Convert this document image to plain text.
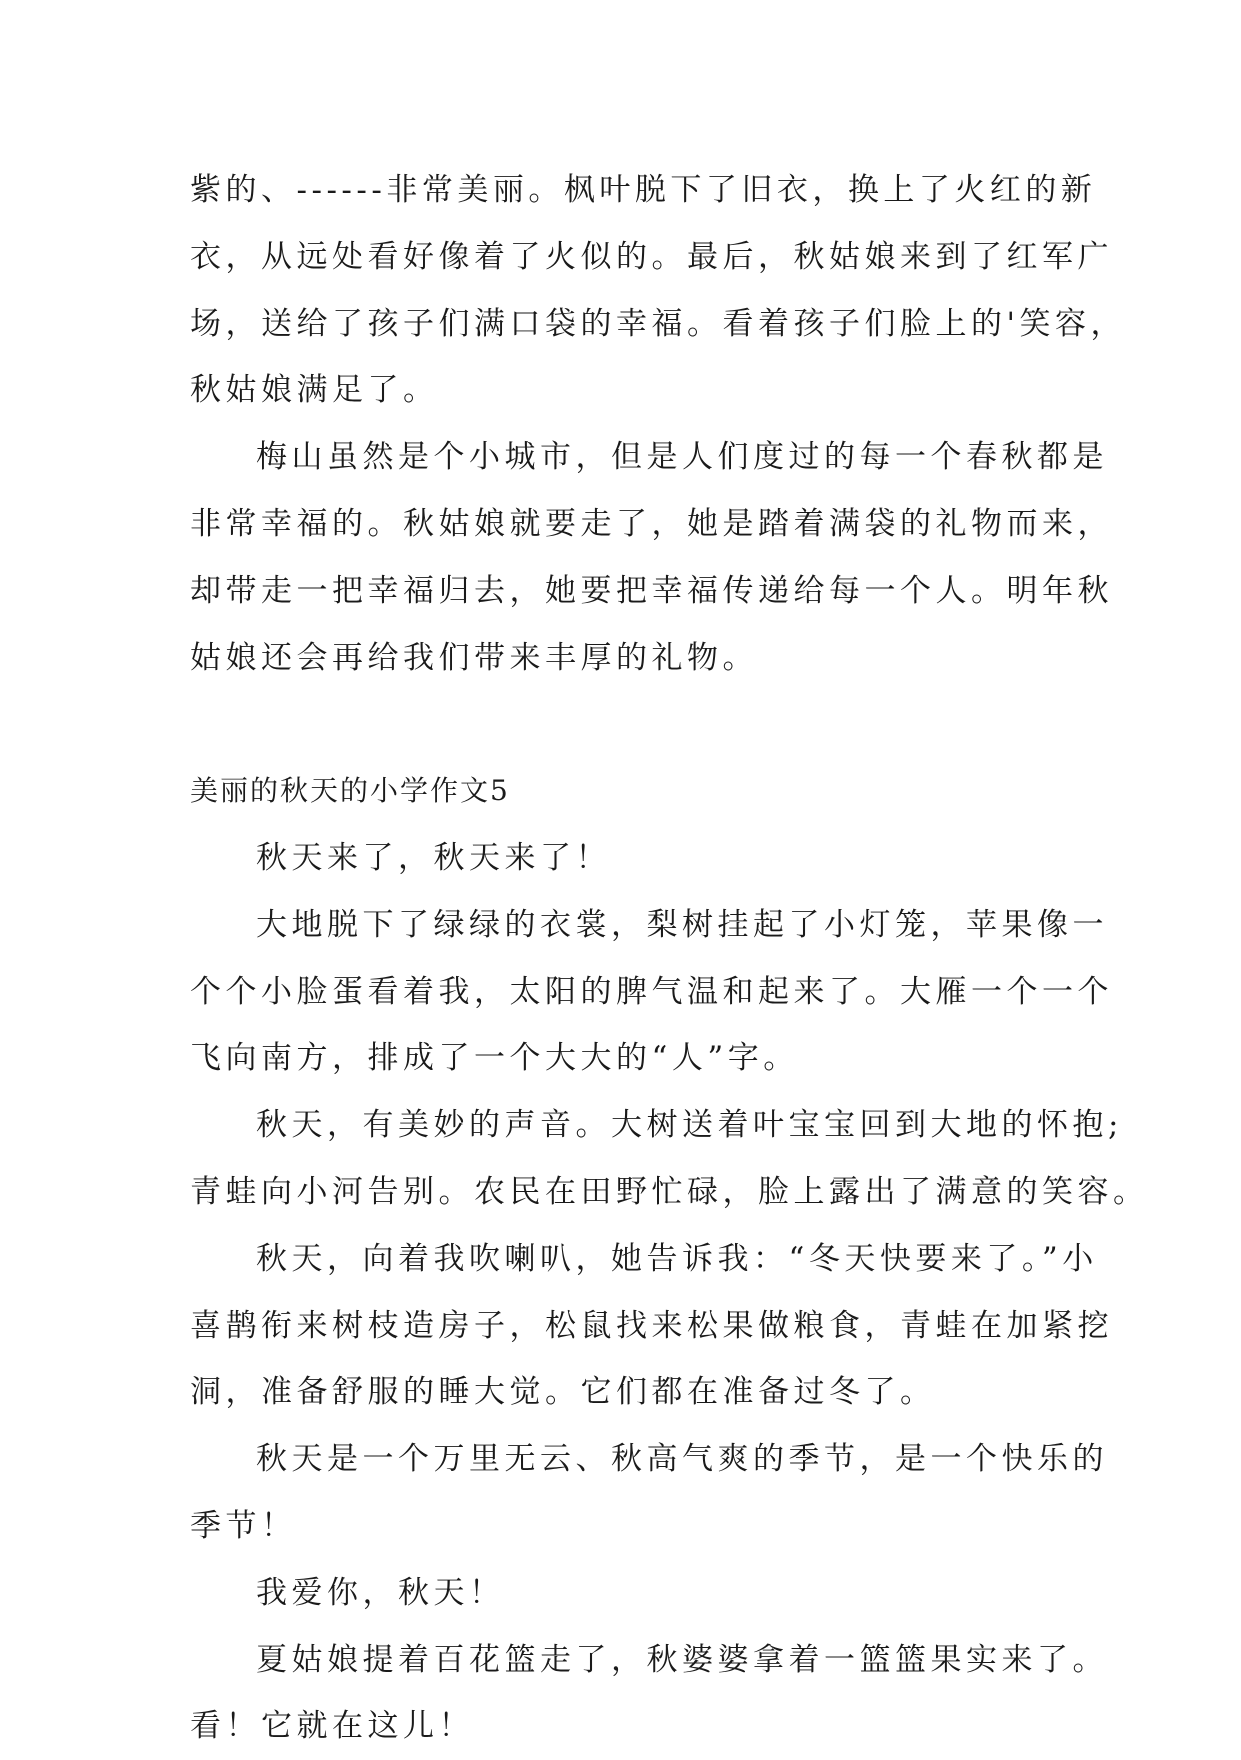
紫的、------非常美丽。枫叶脱下了旧衣，换上了火红的新
衣，从远处看好像着了火似的。最后，秋姑娘来到了红军广
场，送给了孩子们满口袋的幸福。看着孩子们脸上的'笑容，
秋姑娘满足了。
梅山虽然是个小城市，但是人们度过的每一个春秋都是
非常幸福的。秋姑娘就要走了，她是踏着满袋的礼物而来，
却带走一把幸福归去，她要把幸福传递给每一个人。明年秋
姑娘还会再给我们带来丰厚的礼物。
美丽的秋天的小学作文5
秋天来了，秋天来了！
大地脱下了绿绿的衣裳，梨树挂起了小灯笼，苹果像一
个个小脸蛋看着我，太阳的脾气温和起来了。大雁一个一个
飞向南方，排成了一个大大的“人”字。
秋天，有美妙的声音。大树送着叶宝宝回到大地的怀抱;
青蛙向小河告别。农民在田野忙碌，脸上露出了满意的笑容。
秋天，向着我吹喇叭，她告诉我：“冬天快要来了。”小
喜鹊衔来树枝造房子，松鼠找来松果做粮食，青蛙在加紧挖
洞，准备舒服的睡大觉。它们都在准备过冬了。
秋天是一个万里无云、秋高气爽的季节，是一个快乐的
季节！
我爱你，秋天！
夏姑娘提着百花篮走了，秋婆婆拿着一篮篮果实来了。
看！它就在这儿！
